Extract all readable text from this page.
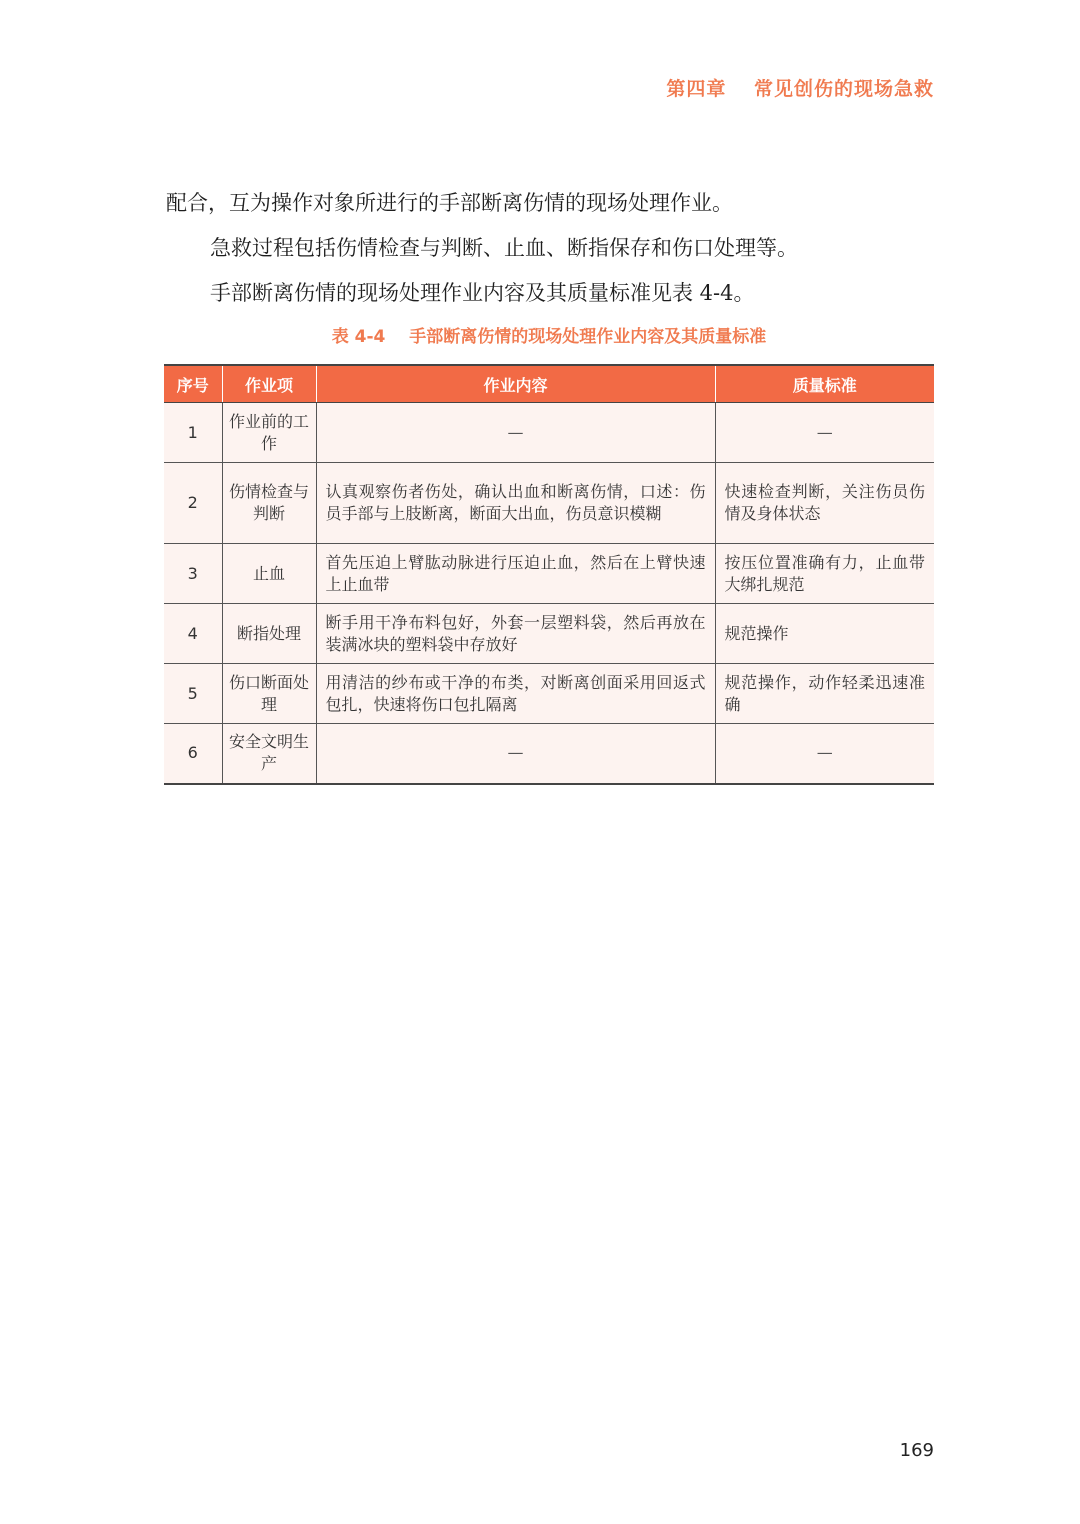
第四章 常见创伤的现场急救
配合，互为操作对象所进行的手部断离伤情的现场处理作业。
急救过程包括伤情检查与判断、止血、断指保存和伤口处理等。
手部断离伤情的现场处理作业内容及其质量标准见表 4-4。
表 4-4 手部断离伤情的现场处理作业内容及其质量标准
序号	作业项	作业内容	质量标准
1	作业前的工作	—	—
2	伤情检查与判断	认真观察伤者伤处，确认出血和断离伤情，口述：伤员手部与上肢断离，断面大出血，伤员意识模糊	快速检查判断，关注伤员伤情及身体状态
3	止血	首先压迫上臂肱动脉进行压迫止血，然后在上臂快速上止血带	按压位置准确有力，止血带大绑扎规范
4	断指处理	断手用干净布料包好，外套一层塑料袋，然后再放在装满冰块的塑料袋中存放好	规范操作
5	伤口断面处理	用清洁的纱布或干净的布类，对断离创面采用回返式包扎，快速将伤口包扎隔离	规范操作，动作轻柔迅速准确
6	安全文明生产	—	—
169
